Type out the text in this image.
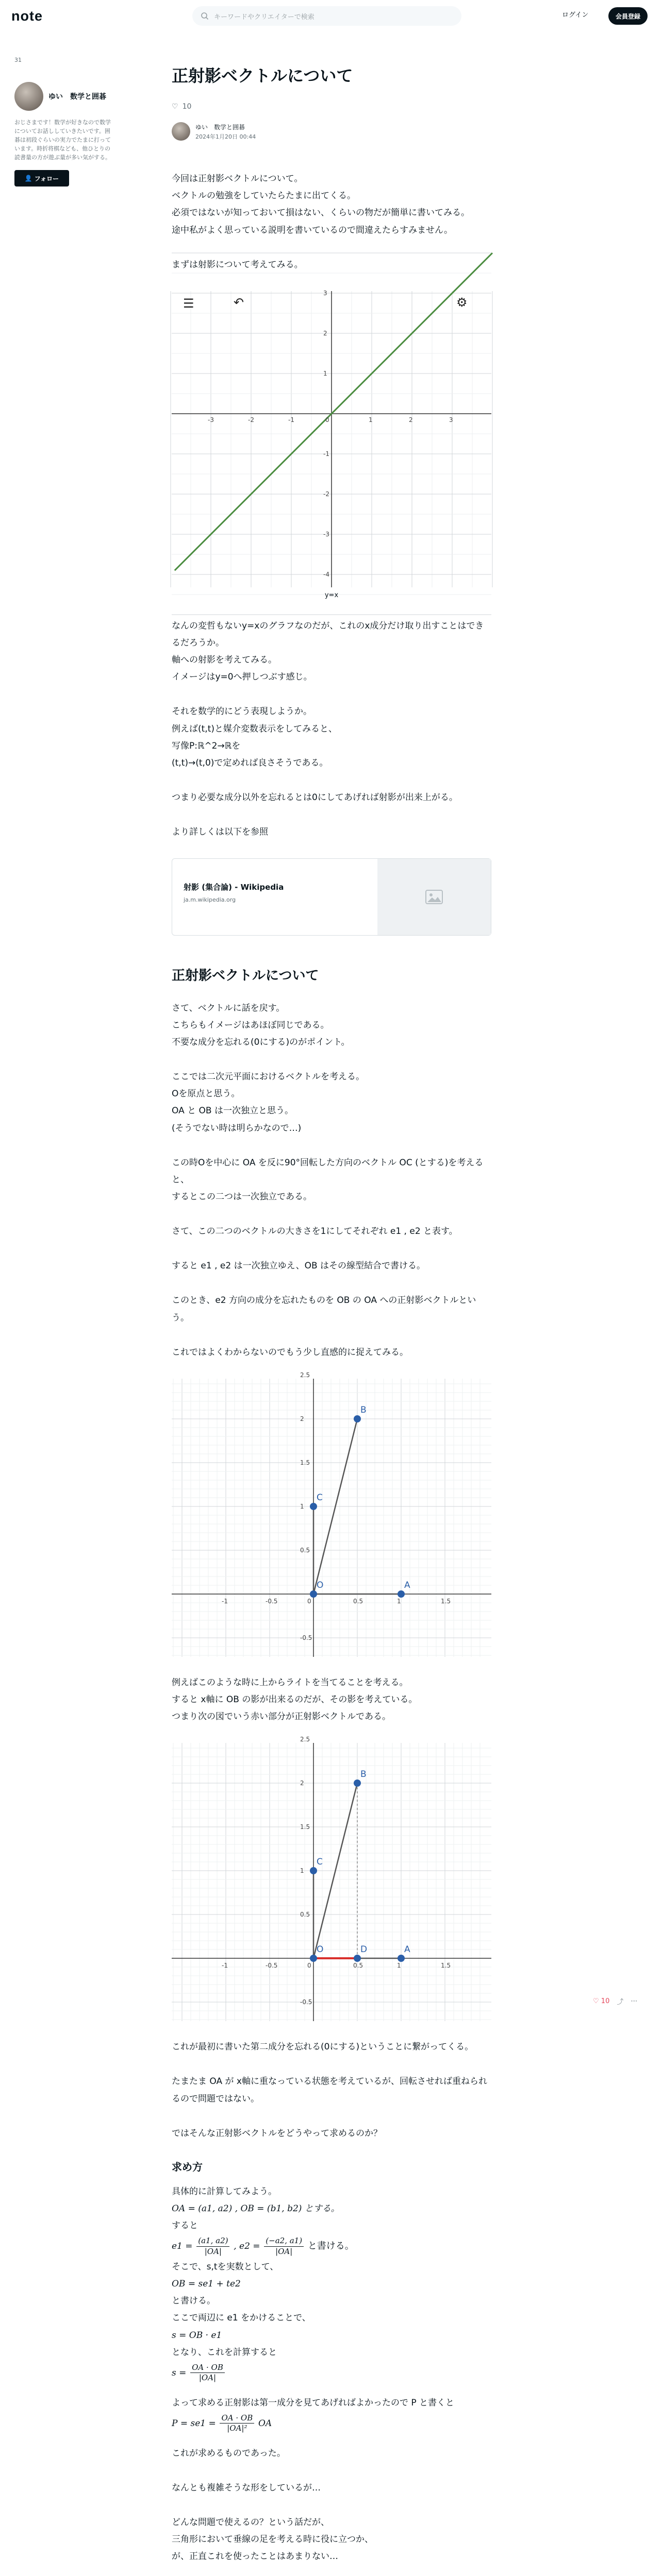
note	キーワードやクリエイターで検索	ログイン	会員登録
31
ゆい　数学と囲碁
おじさまです！数学が好きなので数学についてお話ししていきたいです。囲碁は初段ぐらいの実力でたまに打っています。時折将棋なども、他ひとりの読書量の方が遊ぶ量が多い気がする。
👤 フォロー
正射影ベクトルについて
♡ 10
ゆい　数学と囲碁
2024年1月20日 00:44
今回は正射影ベクトルについて。
ベクトルの勉強をしていたらたまに出てくる。
必須ではないが知っておいて損はない、くらいの物だが簡単に書いてみる。
途中私がよく思っている説明を書いているので間違えたらすみません。
まずは射影について考えてみる。
-3	-2	-1	0	1	2	3
3
2
1
-1
-2
-3
-4
☰	↶	⚙
y=x
なんの変哲もないy=xのグラフなのだが、これのx成分だけ取り出すことはできるだろうか。
軸への射影を考えてみる。
イメージはy=0へ押しつぶす感じ。
それを数学的にどう表現しようか。
例えば(t,t)と媒介変数表示をしてみると、
写像P:ℝ^2→ℝを
(t,t)→(t,0)で定めれば良さそうである。
つまり必要な成分以外を忘れるとは0にしてあげれば射影が出来上がる。
より詳しくは以下を参照
射影 (集合論) - Wikipedia
ja.m.wikipedia.org
正射影ベクトルについて
さて、ベクトルに話を戻す。
こちらもイメージはあほぼ同じである。
不要な成分を忘れる(0にする)のがポイント。
ここでは二次元平面におけるベクトルを考える。
Oを原点と思う。
OA と OB は一次独立と思う。
(そうでない時は明らかなので…)
この時Oを中心に OA を反に90°回転した方向のベクトル OC (とする)を考えると、
するとこの二つは一次独立である。
さて、この二つのベクトルの大きさを1にしてそれぞれ e1 , e2 と表す。
すると e1 , e2 は一次独立ゆえ、OB はその線型結合で書ける。
このとき、e2 方向の成分を忘れたものを OB の OA への正射影ベクトルという。
これではよくわからないのでもう少し直感的に捉えてみる。
-1	-0.5	0	0.5	1	1.5
2.5
2
1.5
1
0.5
-0.5
A
B
C
O
例えばこのような時に上からライトを当てることを考える。
すると x軸に OB の影が出来るのだが、その影を考えている。
つまり次の図でいう赤い部分が正射影ベクトルである。
-1	-0.5	0	0.5	1	1.5
2.5
2
1.5
1
0.5
-0.5
A
B
C
D
O
これが最初に書いた第二成分を忘れる(0にする)ということに繋がってくる。
たまたま OA が x軸に重なっている状態を考えているが、回転させれば重ねられるので問題ではない。
ではそんな正射影ベクトルをどうやって求めるのか？
求め方
具体的に計算してみよう。
OA = (a1, a2) , OB = (b1, b2) とする。
すると
$e1 = \frac{(a1, a2)}{|OA|}$ , $e2 = \frac{(-a2, a1)}{|OA|}$ と書ける。
そこで、s,tを実数として、
OB = se1 + te2
と書ける。
ここで両辺に e1 をかけることで、
s = OB · e1
となり、これを計算すると
$s = \frac{OA \cdot OB}{|OA|}$
よって求める正射影は第一成分を見てあげればよかったので P と書くと
$P = se1 = \frac{OA \cdot OB}{\text{|OA|²}}$ OA
これが求めるものであった。
なんとも複雑そうな形をしているが…
どんな問題で使えるの？という話だが、
三角形において垂線の足を考える時に役に立つか、
が、正直これを使ったことはあまりない…
♡ 10 ⤴ ⋯
